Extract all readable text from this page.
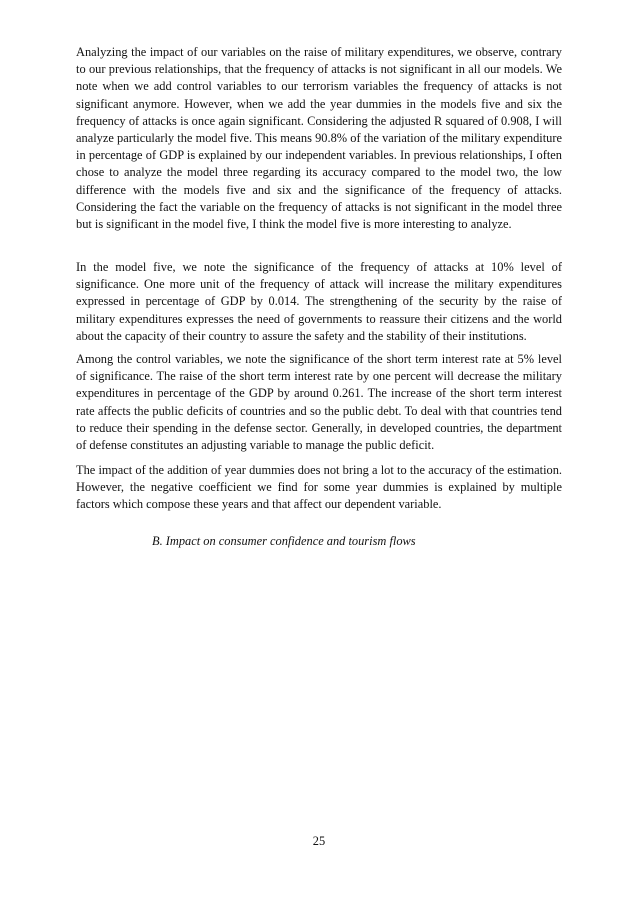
Analyzing the impact of our variables on the raise of military expenditures, we observe, contrary to our previous relationships, that the frequency of attacks is not significant in all our models. We note when we add control variables to our terrorism variables the frequency of attacks is not significant anymore. However, when we add the year dummies in the models five and six the frequency of attacks is once again significant. Considering the adjusted R squared of 0.908, I will analyze particularly the model five. This means 90.8% of the variation of the military expenditure in percentage of GDP is explained by our independent variables. In previous relationships, I often chose to analyze the model three regarding its accuracy compared to the model two, the low difference with the models five and six and the significance of the frequency of attacks. Considering the fact the variable on the frequency of attacks is not significant in the model three but is significant in the model five, I think the model five is more interesting to analyze.

In the model five, we note the significance of the frequency of attacks at 10% level of significance. One more unit of the frequency of attack will increase the military expenditures expressed in percentage of GDP by 0.014. The strengthening of the security by the raise of military expenditures expresses the need of governments to reassure their citizens and the world about the capacity of their country to assure the safety and the stability of their institutions.

Among the control variables, we note the significance of the short term interest rate at 5% level of significance. The raise of the short term interest rate by one percent will decrease the military expenditures in percentage of the GDP by around 0.261. The increase of the short term interest rate affects the public deficits of countries and so the public debt. To deal with that countries tend to reduce their spending in the defense sector. Generally, in developed countries, the department of defense constitutes an adjusting variable to manage the public deficit.

The impact of the addition of year dummies does not bring a lot to the accuracy of the estimation. However, the negative coefficient we find for some year dummies is explained by multiple factors which compose these years and that affect our dependent variable.

B. Impact on consumer confidence and tourism flows

25
